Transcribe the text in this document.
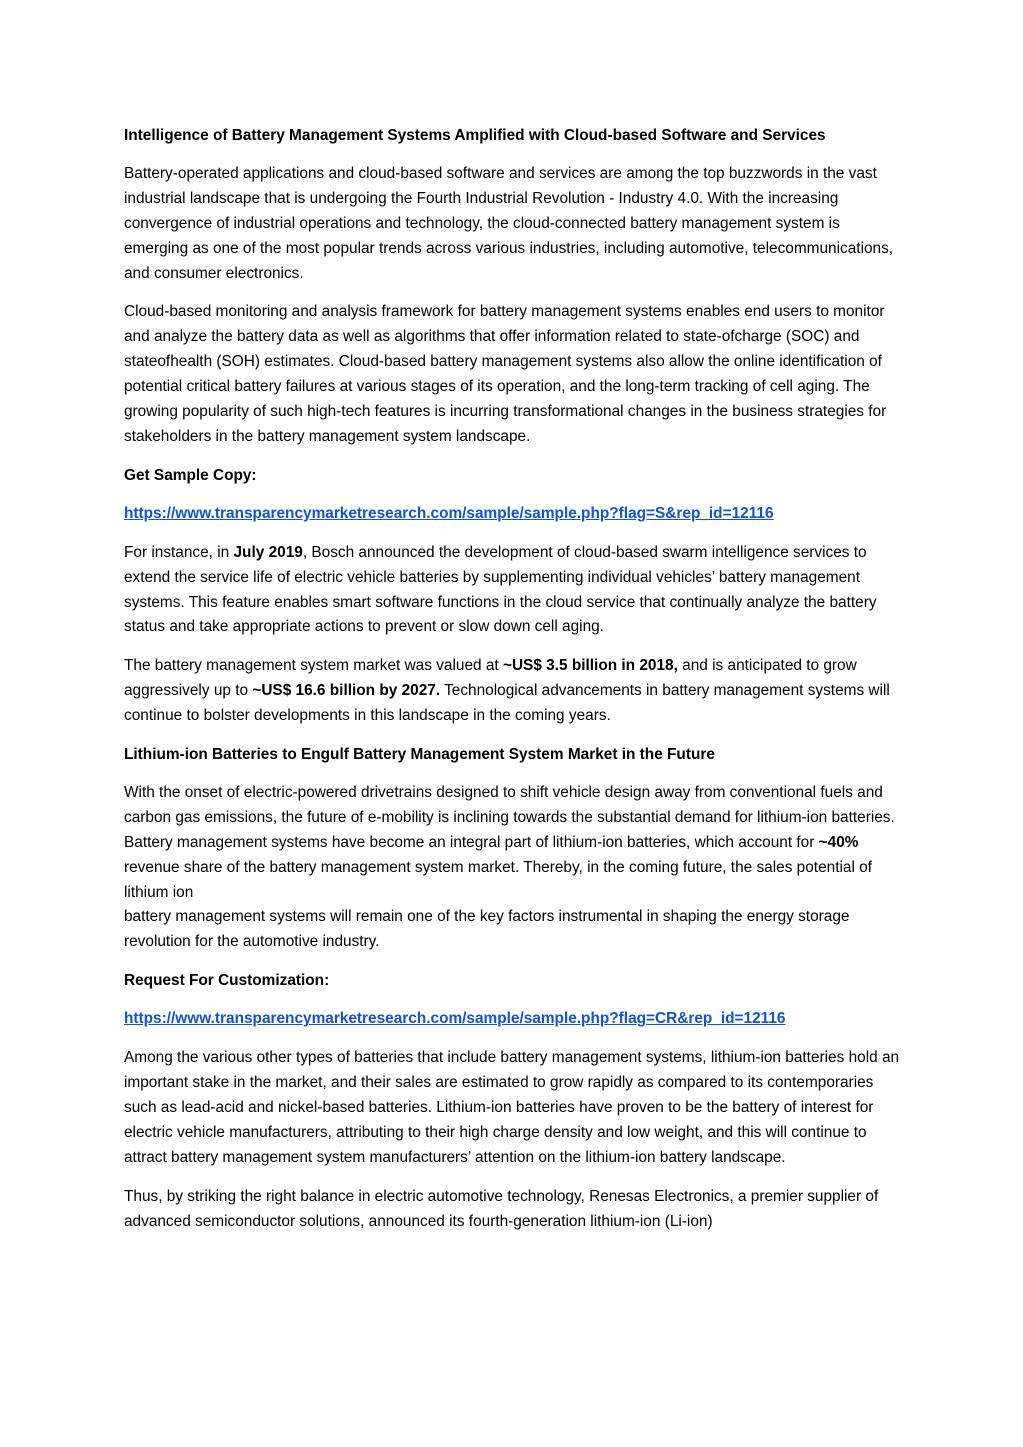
Intelligence of Battery Management Systems Amplified with Cloud-based Software and Services

Battery-operated applications and cloud-based software and services are among the top buzzwords in the vast industrial landscape that is undergoing the Fourth Industrial Revolution - Industry 4.0. With the increasing convergence of industrial operations and technology, the cloud-connected battery management system is emerging as one of the most popular trends across various industries, including automotive, telecommunications, and consumer electronics.

Cloud-based monitoring and analysis framework for battery management systems enables end users to monitor and analyze the battery data as well as algorithms that offer information related to state-ofcharge (SOC) and stateofhealth (SOH) estimates. Cloud-based battery management systems also allow the online identification of potential critical battery failures at various stages of its operation, and the long-term tracking of cell aging. The growing popularity of such high-tech features is incurring transformational changes in the business strategies for stakeholders in the battery management system landscape.

Get Sample Copy:

https://www.transparencymarketresearch.com/sample/sample.php?flag=S&rep_id=12116

For instance, in July 2019, Bosch announced the development of cloud-based swarm intelligence services to extend the service life of electric vehicle batteries by supplementing individual vehicles’ battery management systems. This feature enables smart software functions in the cloud service that continually analyze the battery status and take appropriate actions to prevent or slow down cell aging.

The battery management system market was valued at ~US$ 3.5 billion in 2018, and is anticipated to grow aggressively up to ~US$ 16.6 billion by 2027. Technological advancements in battery management systems will continue to bolster developments in this landscape in the coming years.

Lithium-ion Batteries to Engulf Battery Management System Market in the Future

With the onset of electric-powered drivetrains designed to shift vehicle design away from conventional fuels and carbon gas emissions, the future of e-mobility is inclining towards the substantial demand for lithium-ion batteries. Battery management systems have become an integral part of lithium-ion batteries, which account for ~40% revenue share of the battery management system market. Thereby, in the coming future, the sales potential of lithium ion
battery management systems will remain one of the key factors instrumental in shaping the energy storage revolution for the automotive industry.

Request For Customization:

https://www.transparencymarketresearch.com/sample/sample.php?flag=CR&rep_id=12116

Among the various other types of batteries that include battery management systems, lithium-ion batteries hold an important stake in the market, and their sales are estimated to grow rapidly as compared to its contemporaries such as lead-acid and nickel-based batteries. Lithium-ion batteries have proven to be the battery of interest for electric vehicle manufacturers, attributing to their high charge density and low weight, and this will continue to attract battery management system manufacturers’ attention on the lithium-ion battery landscape.

Thus, by striking the right balance in electric automotive technology, Renesas Electronics, a premier supplier of advanced semiconductor solutions, announced its fourth-generation lithium-ion (Li-ion)
